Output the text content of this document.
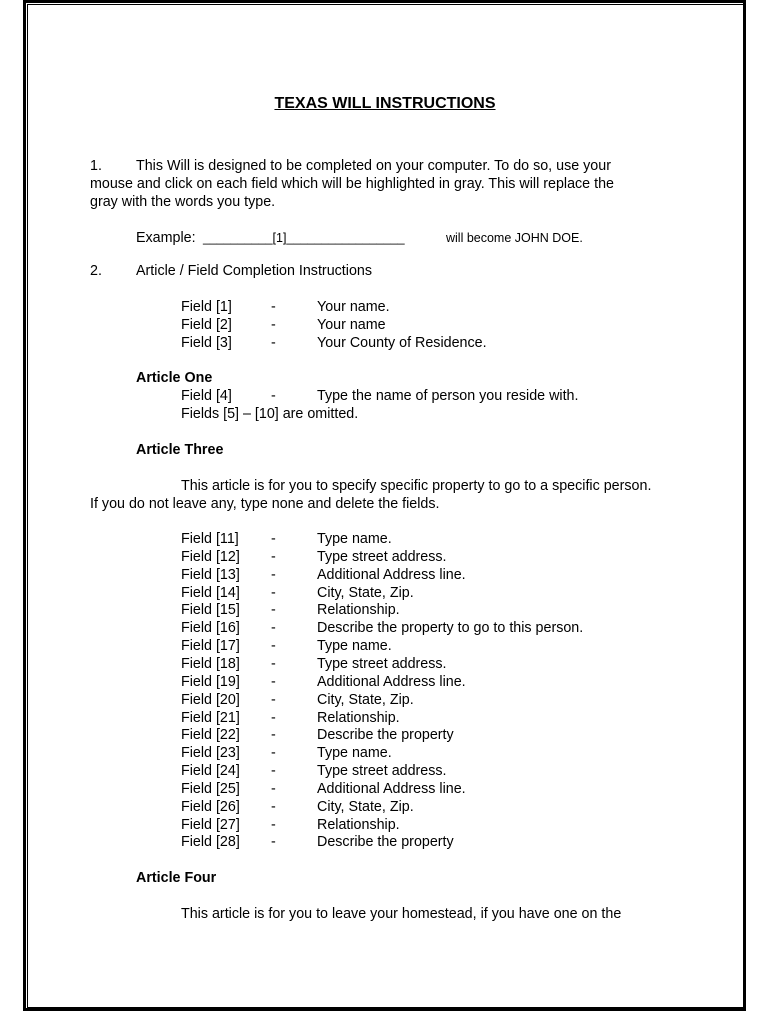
TEXAS WILL INSTRUCTIONS
1. This Will is designed to be completed on your computer. To do so, use your
mouse and click on each field which will be highlighted in gray. This will replace the
gray with the words you type.
Example: __________[1]_________________	will become JOHN DOE.
2. Article / Field Completion Instructions
Field [1]	-	Your name.
Field [2]	-	Your name
Field [3]	-	Your County of Residence.
Article One
Field [4]	-	Type the name of person you reside with.
Fields [5] – [10] are omitted.
Article Three
This article is for you to specify specific property to go to a specific person.
If you do not leave any, type none and delete the fields.
Field [11] -	Type name.
Field [12] -	Type street address.
Field [13] -	Additional Address line.
Field [14] -	City, State, Zip.
Field [15] -	Relationship.
Field [16] -	Describe the property to go to this person.
Field [17] -	Type name.
Field [18] -	Type street address.
Field [19] -	Additional Address line.
Field [20] -	City, State, Zip.
Field [21] -	Relationship.
Field [22] -	Describe the property
Field [23] -	Type name.
Field [24] -	Type street address.
Field [25] -	Additional Address line.
Field [26] -	City, State, Zip.
Field [27] -	Relationship.
Field [28] -	Describe the property
Article Four
This article is for you to leave your homestead, if you have one on the
